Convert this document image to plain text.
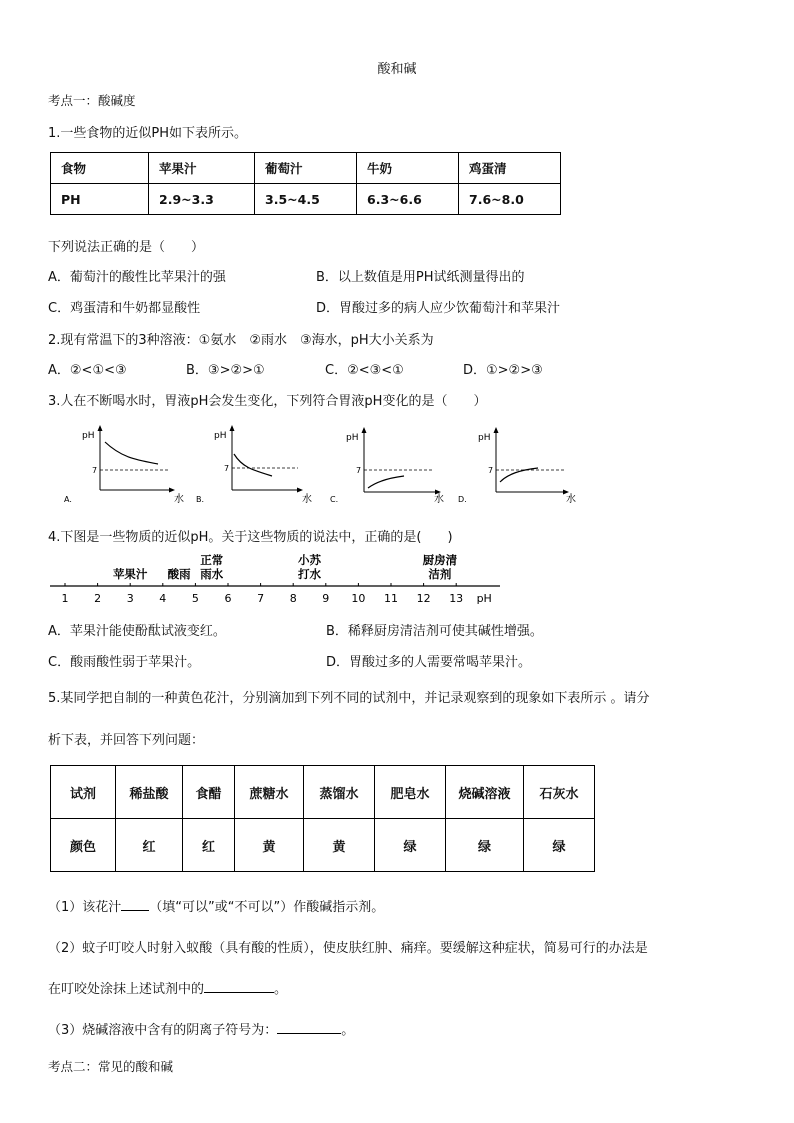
酸和碱
考点一：酸碱度
1.一些食物的近似PH如下表所示。
食物	苹果汁	葡萄汁	牛奶	鸡蛋清
PH	2.9~3.3	3.5~4.5	6.3~6.6	7.6~8.0
下列说法正确的是（　　）
A．葡萄汁的酸性比苹果汁的强	B．以上数值是用PH试纸测量得出的
C．鸡蛋清和牛奶都显酸性	D．胃酸过多的病人应少饮葡萄汁和苹果汁
2.现有常温下的3种溶液：①氨水　②雨水　③海水，pH大小关系为
A．②<①<③	B．③>②>①	C．②<③<①	D．①>②>③
3.人在不断喝水时，胃液pH会发生变化，下列符合胃液pH变化的是（　　）
pH
7
水
A.
pH
7
水
B.
pH
7
水
C.
pH
7
水
D.
4.下图是一些物质的近似pH。关于这些物质的说法中，正确的是(　　)
1 2 3 4 5 6 7 8 9 10 11 12 13 pH
苹果汁 酸雨
正常
雨水
小苏
打水
厨房清
洁剂
A．苹果汁能使酚酞试液变红。	B．稀释厨房清洁剂可使其碱性增强。
C．酸雨酸性弱于苹果汁。	D．胃酸过多的人需要常喝苹果汁。
5.某同学把自制的一种黄色花汁，分别滴加到下列不同的试剂中，并记录观察到的现象如下表所示 。请分
析下表，并回答下列问题：
试剂	稀盐酸	食醋	蔗糖水	蒸馏水	肥皂水	烧碱溶液	石灰水
颜色	红	红	黄	黄	绿	绿	绿
（1）该花汁 （填“可以”或“不可以”）作酸碱指示剂。
（2）蚊子叮咬人时射入蚁酸（具有酸的性质），使皮肤红肿、痛痒。要缓解这种症状，简易可行的办法是
在叮咬处涂抹上述试剂中的	。
（3）烧碱溶液中含有的阴离子符号为：	。
考点二：常见的酸和碱
